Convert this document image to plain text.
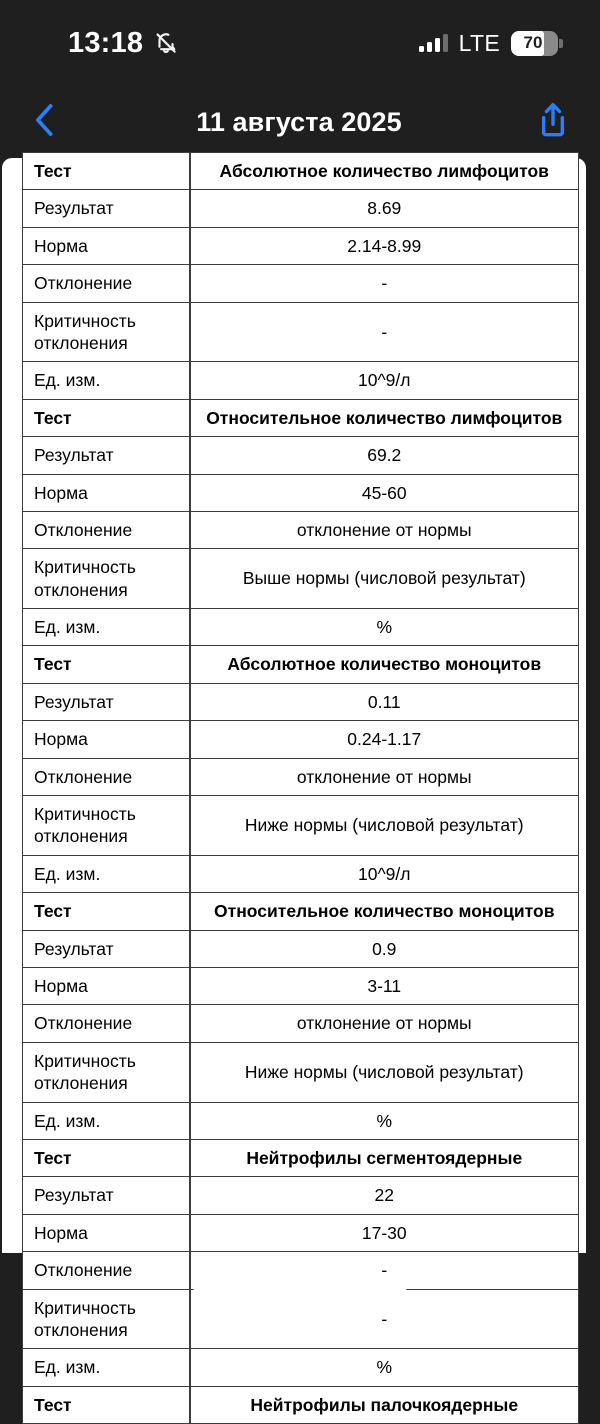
13:18	LTE	70
11 августа 2025
Тест	Абсолютное количество лимфоцитов
Результат	8.69
Норма	2.14-8.99
Отклонение	-
Критичность отклонения	-
Ед. изм.	10^9/л
Тест	Относительное количество лимфоцитов
Результат	69.2
Норма	45-60
Отклонение	отклонение от нормы
Критичность отклонения	Выше нормы (числовой результат)
Ед. изм.	%
Тест	Абсолютное количество моноцитов
Результат	0.11
Норма	0.24-1.17
Отклонение	отклонение от нормы
Критичность отклонения	Ниже нормы (числовой результат)
Ед. изм.	10^9/л
Тест	Относительное количество моноцитов
Результат	0.9
Норма	3-11
Отклонение	отклонение от нормы
Критичность отклонения	Ниже нормы (числовой результат)
Ед. изм.	%
Тест	Нейтрофилы сегментоядерные
Результат	22
Норма	17-30
Отклонение	-
Критичность отклонения	-
Ед. изм.	%
Тест	Нейтрофилы палочкоядерные
